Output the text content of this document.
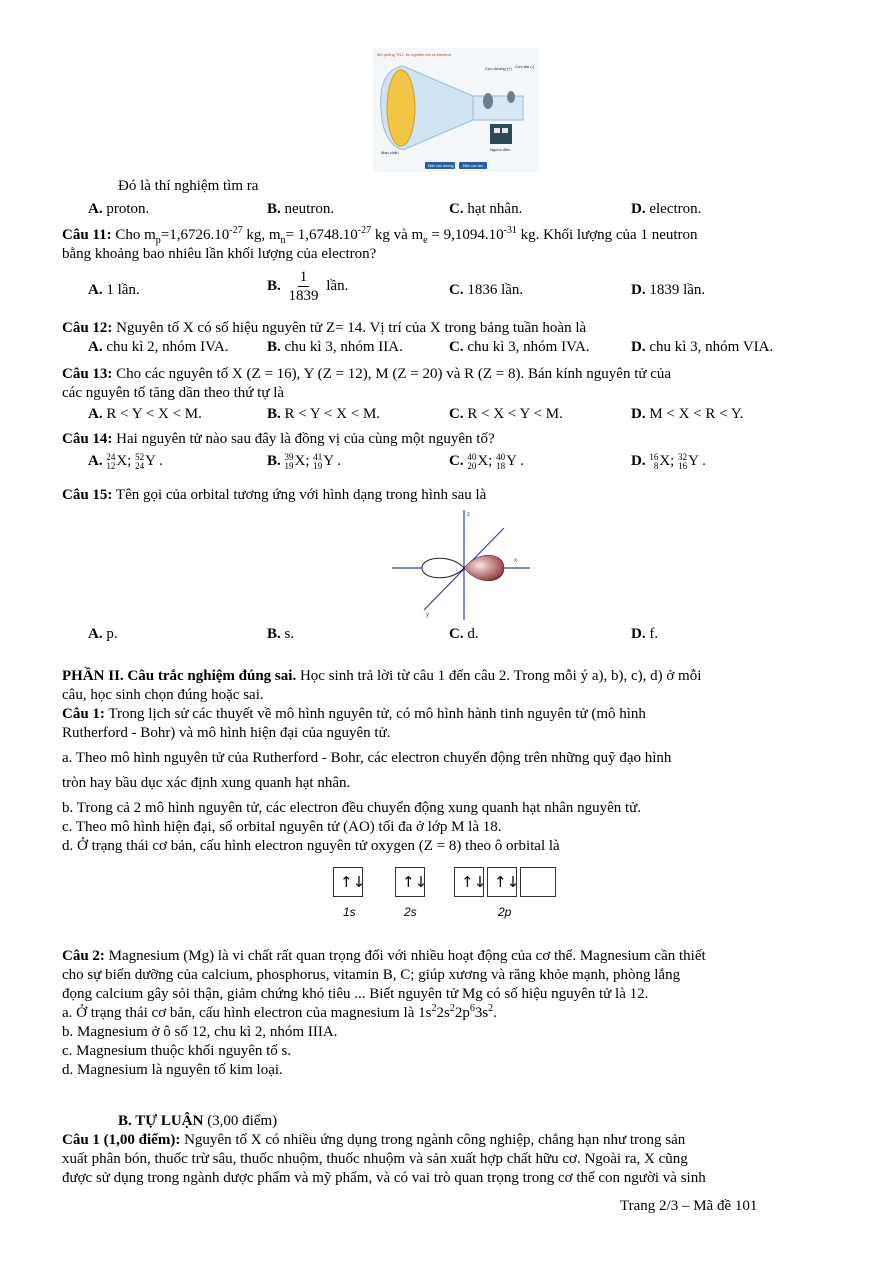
Mô phỏng TN1: thí nghiệm tìm ra electron
Cực dương (+) Cực âm (-)
Màn chắn
Nguồn điện
Điện cực dương	Điện cực âm
Đó là thí nghiệm tìm ra
A. proton.	B. neutron.	C. hạt nhân.	D. electron.
Câu 11: Cho $m_p=1,6726.10^{-27}$ kg, $m_n= 1,6748.10^{-27}$ kg và $m_e = 9,1094.10^{-31}$ kg. Khối lượng của 1 neutron
bằng khoảng bao nhiêu lần khối lượng của electron?
A. 1 lần.	B. $\frac{1}{1839}$ lần.	C. 1836 lần.	D. 1839 lần.
Câu 12: Nguyên tố X có số hiệu nguyên tử Z= 14. Vị trí của X trong bảng tuần hoàn là
A. chu kì 2, nhóm IVA.	B. chu kì 3, nhóm IIA.	C. chu kì 3, nhóm IVA.	D. chu kì 3, nhóm VIA.
Câu 13: Cho các nguyên tố X (Z = 16), Y (Z = 12), M (Z = 20) và R (Z = 8). Bán kính nguyên tử của
các nguyên tố tăng dần theo thứ tự là
A. R < Y < X < M.	B. R < Y < X < M.	C. R < X < Y < M.	D. M < X < R < Y.
Câu 14: Hai nguyên tử nào sau đây là đồng vị của cùng một nguyên tố?
A. 24
12 X; 52
24 Y .	B. 39
19 X; 41
19 Y .	C. 40
20 X; 40
18 Y .	D. 16
8 X; 32
16 Y .
Câu 15: Tên gọi của orbital tương ứng với hình dạng trong hình sau là
z
x
y
A. p.	B. s.	C. d.	D. f.
PHẦN II. Câu trắc nghiệm đúng sai. Học sinh trả lời từ câu 1 đến câu 2. Trong mỗi ý a), b), c), d) ở mỗi
câu, học sinh chọn đúng hoặc sai.
Câu 1: Trong lịch sử các thuyết về mô hình nguyên tử, có mô hình hành tinh nguyên tử (mô hình
Rutherford - Bohr) và mô hình hiện đại của nguyên tử.
a. Theo mô hình nguyên tử của Rutherford - Bohr, các electron chuyển động trên những quỹ đạo hình
tròn hay bầu dục xác định xung quanh hạt nhân.
b. Trong cả 2 mô hình nguyên tử, các electron đều chuyển động xung quanh hạt nhân nguyên tử.
c. Theo mô hình hiện đại, số orbital nguyên tử (AO) tối đa ở lớp M là 18.
d. Ở trạng thái cơ bản, cấu hình electron nguyên tử oxygen (Z = 8) theo ô orbital là
↑↓ ↑↓ ↑↓ ↑↓
1s	2s	2p
Câu 2: Magnesium (Mg) là vi chất rất quan trọng đối với nhiều hoạt động của cơ thể. Magnesium cần thiết
cho sự biến dưỡng của calcium, phosphorus, vitamin B, C; giúp xương và răng khỏe mạnh, phòng lắng
đọng calcium gây sỏi thận, giảm chứng khó tiêu ... Biết nguyên tử Mg có số hiệu nguyên tử là 12.
a. Ở trạng thái cơ bản, cấu hình electron của magnesium là $1s^22s^22p^63s^2$.
b. Magnesium ở ô số 12, chu kì 2, nhóm IIIA.
c. Magnesium thuộc khối nguyên tố s.
d. Magnesium là nguyên tố kim loại.
B. TỰ LUẬN (3,00 điểm)
Câu 1 (1,00 điểm): Nguyên tố X có nhiều ứng dụng trong ngành công nghiệp, chẳng hạn như trong sản
xuất phân bón, thuốc trừ sâu, thuốc nhuộm, thuốc nhuộm và sản xuất hợp chất hữu cơ. Ngoài ra, X cũng
được sử dụng trong ngành dược phẩm và mỹ phẩm, và có vai trò quan trọng trong cơ thể con người và sinh
Trang 2/3 – Mã đề 101
